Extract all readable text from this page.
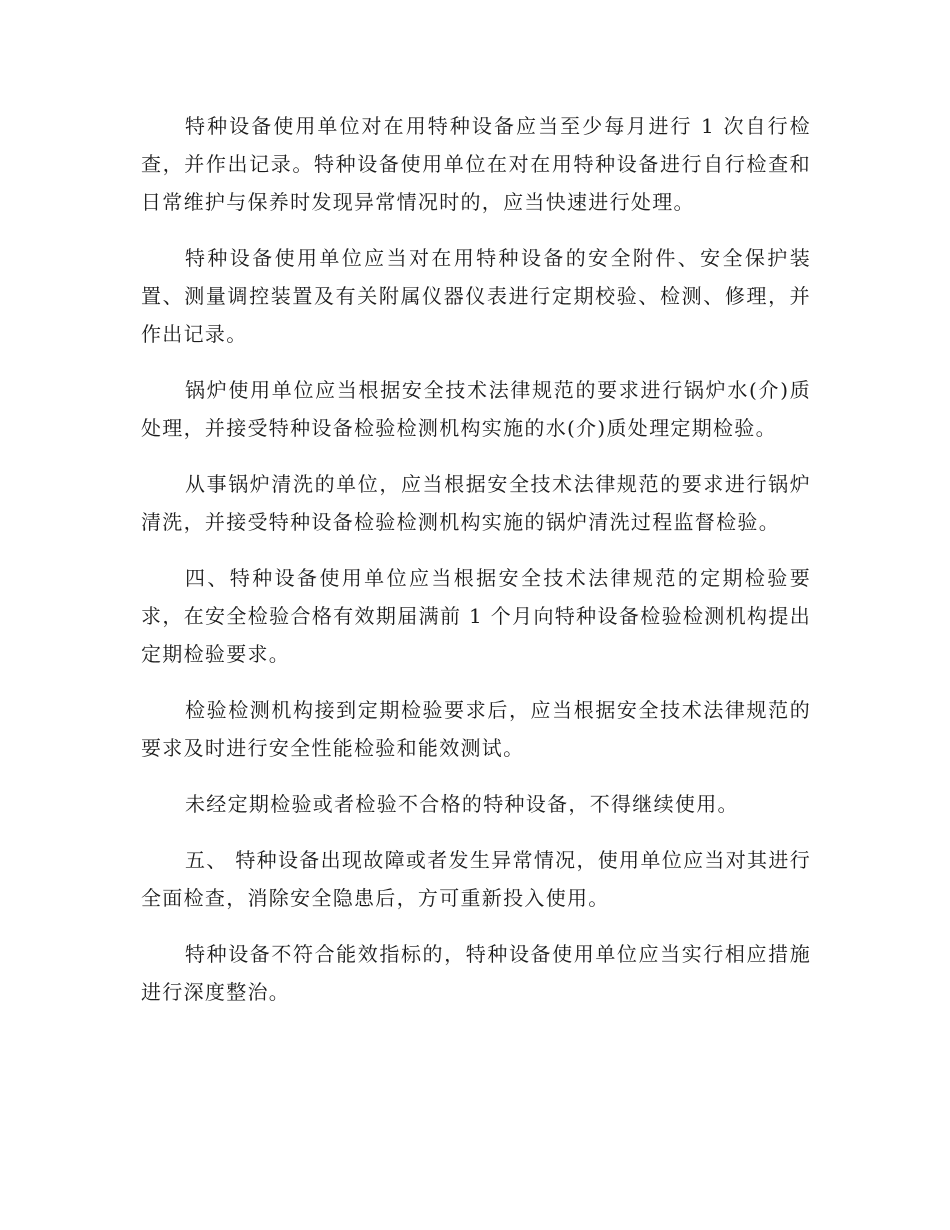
特种设备使用单位对在用特种设备应当至少每月进行 1 次自行检查，并作出记录。特种设备使用单位在对在用特种设备进行自行检查和日常维护与保养时发现异常情况时的，应当快速进行处理。

特种设备使用单位应当对在用特种设备的安全附件、安全保护装置、测量调控装置及有关附属仪器仪表进行定期校验、检测、修理，并作出记录。

锅炉使用单位应当根据安全技术法律规范的要求进行锅炉水(介)质处理，并接受特种设备检验检测机构实施的水(介)质处理定期检验。

从事锅炉清洗的单位，应当根据安全技术法律规范的要求进行锅炉清洗，并接受特种设备检验检测机构实施的锅炉清洗过程监督检验。

四、特种设备使用单位应当根据安全技术法律规范的定期检验要求，在安全检验合格有效期届满前 1 个月向特种设备检验检测机构提出定期检验要求。

检验检测机构接到定期检验要求后，应当根据安全技术法律规范的要求及时进行安全性能检验和能效测试。

未经定期检验或者检验不合格的特种设备，不得继续使用。

五、 特种设备出现故障或者发生异常情况，使用单位应当对其进行全面检查，消除安全隐患后，方可重新投入使用。

特种设备不符合能效指标的，特种设备使用单位应当实行相应措施进行深度整治。
